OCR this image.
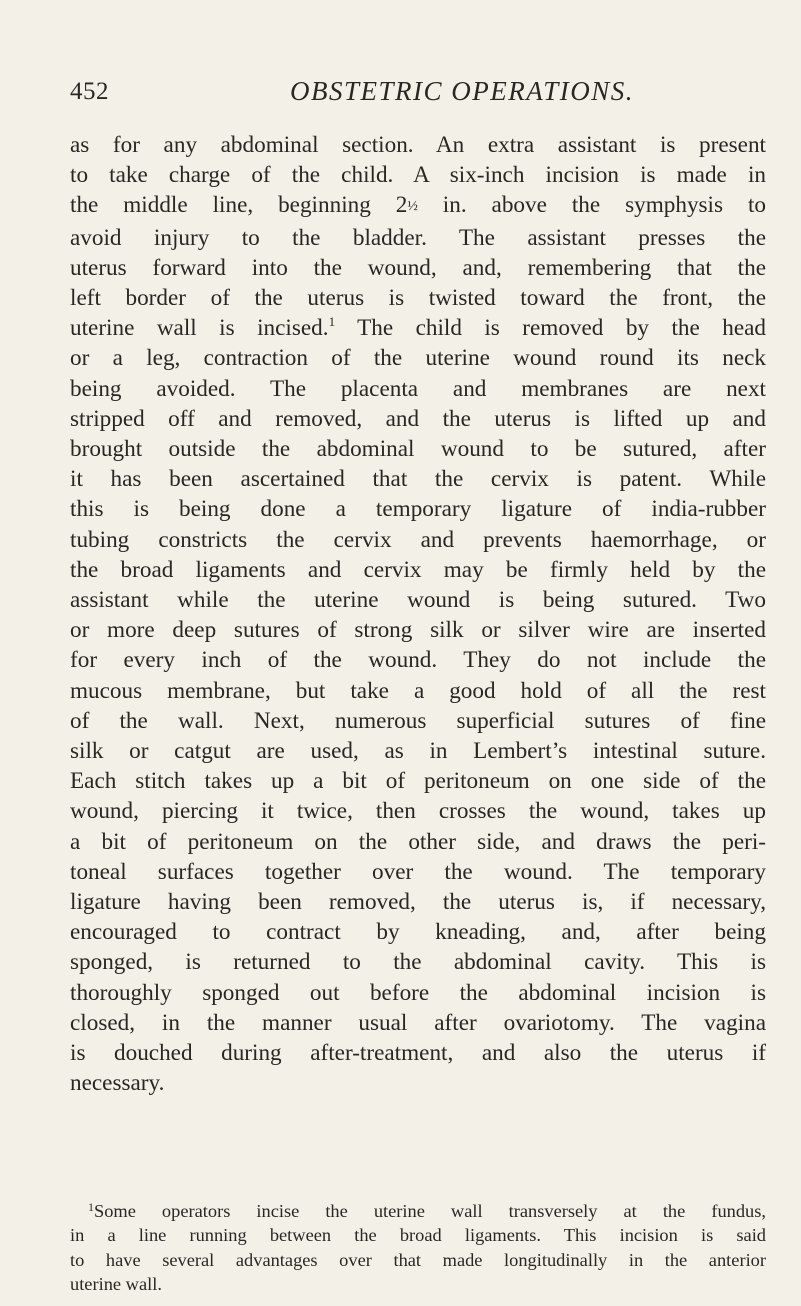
452	OBSTETRIC OPERATIONS.
as for any abdominal section. An extra assistant is present
to take charge of the child. A six-inch incision is made in
the middle line, beginning 2½ in. above the symphysis to
avoid injury to the bladder. The assistant presses the
uterus forward into the wound, and, remembering that the
left border of the uterus is twisted toward the front, the
uterine wall is incised.$^1$ The child is removed by the head
or a leg, contraction of the uterine wound round its neck
being avoided. The placenta and membranes are next
stripped off and removed, and the uterus is lifted up and
brought outside the abdominal wound to be sutured, after
it has been ascertained that the cervix is patent. While
this is being done a temporary ligature of india-rubber
tubing constricts the cervix and prevents haemorrhage, or
the broad ligaments and cervix may be firmly held by the
assistant while the uterine wound is being sutured. Two
or more deep sutures of strong silk or silver wire are inserted
for every inch of the wound. They do not include the
mucous membrane, but take a good hold of all the rest
of the wall. Next, numerous superficial sutures of fine
silk or catgut are used, as in Lembert’s intestinal suture.
Each stitch takes up a bit of peritoneum on one side of the
wound, piercing it twice, then crosses the wound, takes up
a bit of peritoneum on the other side, and draws the peri-
toneal surfaces together over the wound. The temporary
ligature having been removed, the uterus is, if necessary,
encouraged to contract by kneading, and, after being
sponged, is returned to the abdominal cavity. This is
thoroughly sponged out before the abdominal incision is
closed, in the manner usual after ovariotomy. The vagina
is douched during after-treatment, and also the uterus if
necessary.
$^1$Some operators incise the uterine wall transversely at the fundus,
in a line running between the broad ligaments. This incision is said
to have several advantages over that made longitudinally in the anterior
uterine wall.
